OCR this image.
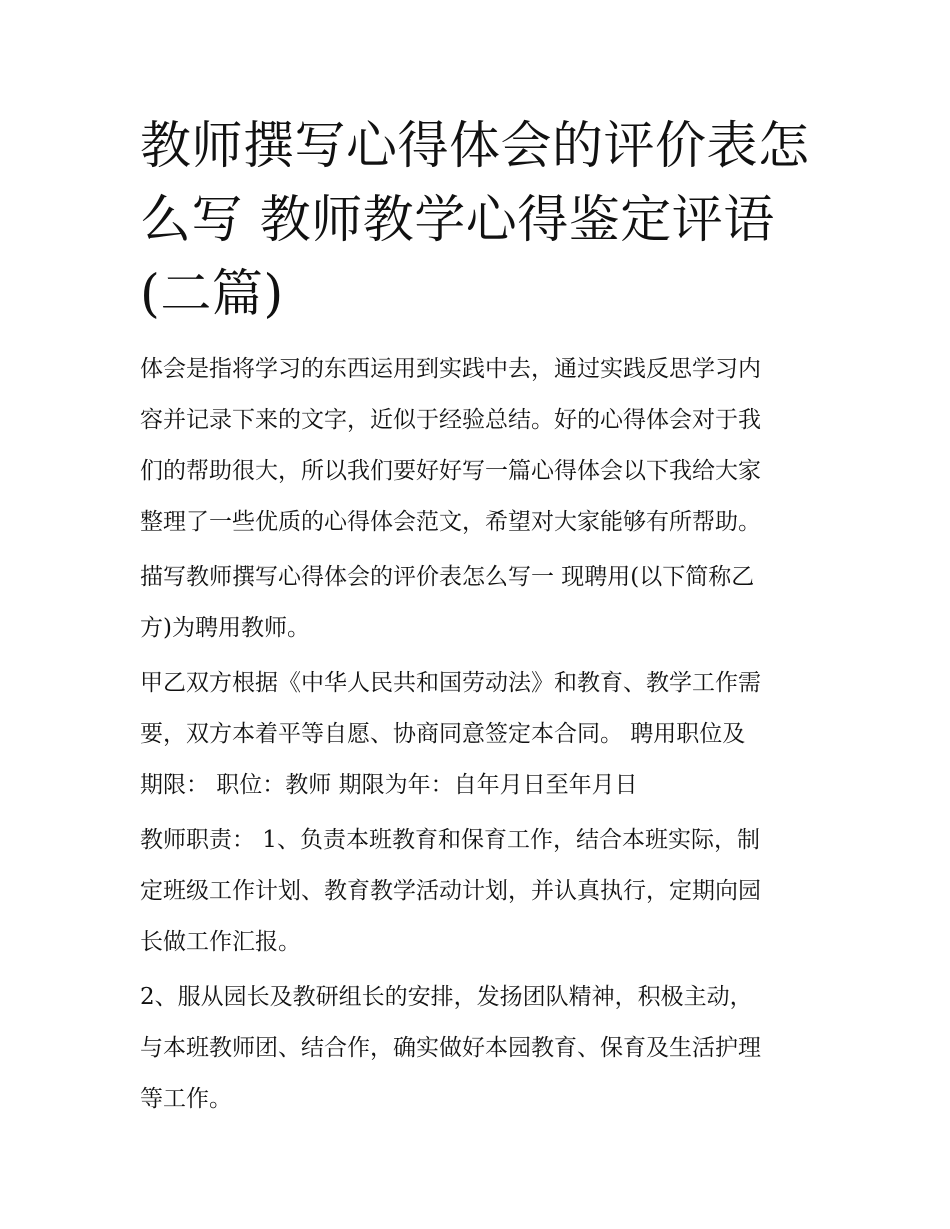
教师撰写心得体会的评价表怎
么写 教师教学心得鉴定评语
(二篇)

体会是指将学习的东西运用到实践中去，通过实践反思学习内
容并记录下来的文字，近似于经验总结。好的心得体会对于我
们的帮助很大，所以我们要好好写一篇心得体会以下我给大家
整理了一些优质的心得体会范文，希望对大家能够有所帮助。

描写教师撰写心得体会的评价表怎么写一 现聘用(以下简称乙
方)为聘用教师。

甲乙双方根据《中华人民共和国劳动法》和教育、教学工作需
要，双方本着平等自愿、协商同意签定本合同。 聘用职位及
期限： 职位：教师 期限为年：自年月日至年月日

教师职责： 1、负责本班教育和保育工作，结合本班实际，制
定班级工作计划、教育教学活动计划，并认真执行，定期向园
长做工作汇报。

2、服从园长及教研组长的安排，发扬团队精神，积极主动，
与本班教师团、结合作，确实做好本园教育、保育及生活护理
等工作。
